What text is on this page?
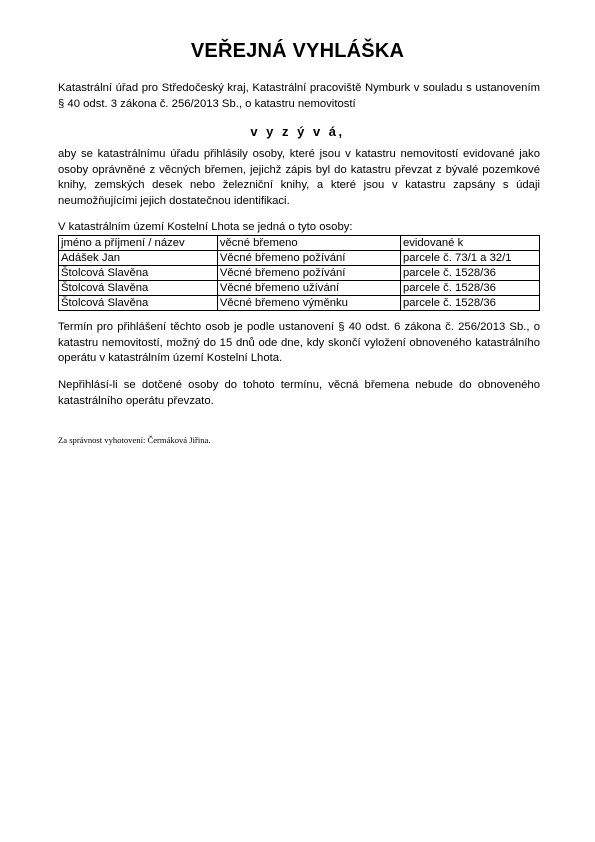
VEŘEJNÁ VYHLÁŠKA
Katastrální úřad pro Středočeský kraj, Katastrální pracoviště Nymburk v souladu s ustanovením § 40 odst. 3 zákona č. 256/2013 Sb., o katastru nemovitostí
v y z ý v á,
aby se katastrálnímu úřadu přihlásily osoby, které jsou v katastru nemovitostí evidované jako osoby oprávněné z věcných břemen, jejichž zápis byl do katastru převzat z bývalé pozemkové knihy, zemských desek nebo železniční knihy, a které jsou v katastru zapsány s údaji neumožňujícími jejich dostatečnou identifikaci.
V katastrálním území Kostelní Lhota se jedná o tyto osoby:
jméno a příjmení / název	věcné břemeno	evidované k
Adášek Jan	Věcné břemeno požívání	parcele č. 73/1 a 32/1
Štolcová Slavěna	Věcné břemeno požívání	parcele č. 1528/36
Štolcová Slavěna	Věcné břemeno užívání	parcele č. 1528/36
Štolcová Slavěna	Věcné břemeno výměnku	parcele č. 1528/36
Termín pro přihlášení těchto osob je podle ustanovení § 40 odst. 6 zákona č. 256/2013 Sb., o katastru nemovitostí, možný do 15 dnů ode dne, kdy skončí vyložení obnoveného katastrálního operátu v katastrálním území Kostelní Lhota.
Nepřihlásí-li se dotčené osoby do tohoto termínu, věcná břemena nebude do obnoveného katastrálního operátu převzato.
Za správnost vyhotovení: Čermáková Jiřina.
